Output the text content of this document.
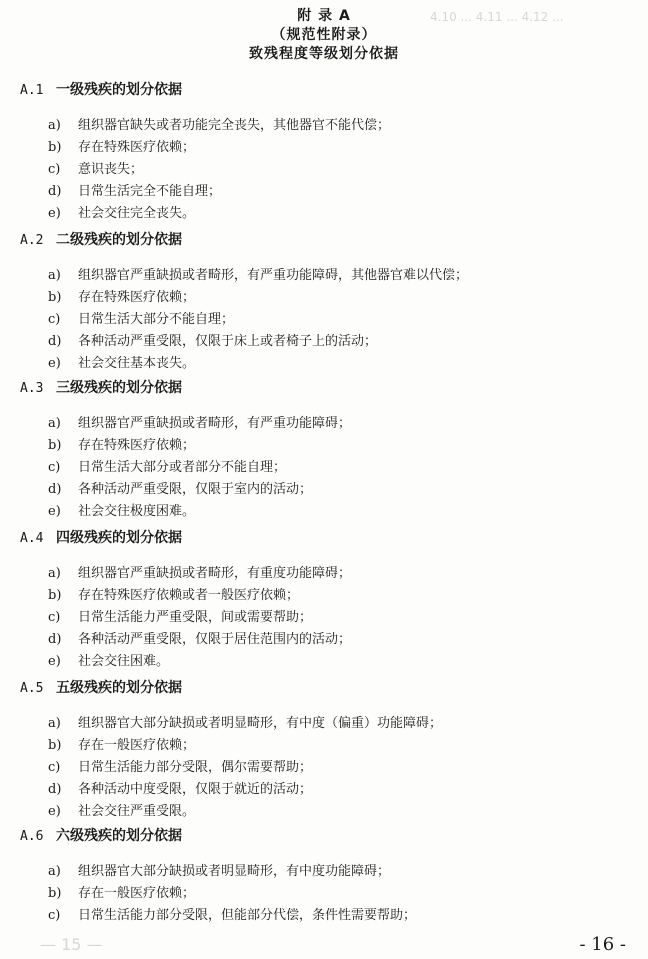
4.10 ... 4.11 ... 4.12 ...
— 15 —
附 录 A
（规范性附录）
致残程度等级划分依据
A.1 一级残疾的划分依据
a) 组织器官缺失或者功能完全丧失，其他器官不能代偿；
b) 存在特殊医疗依赖；
c) 意识丧失；
d) 日常生活完全不能自理；
e) 社会交往完全丧失。
A.2 二级残疾的划分依据
a) 组织器官严重缺损或者畸形，有严重功能障碍，其他器官难以代偿；
b) 存在特殊医疗依赖；
c) 日常生活大部分不能自理；
d) 各种活动严重受限，仅限于床上或者椅子上的活动；
e) 社会交往基本丧失。
A.3 三级残疾的划分依据
a) 组织器官严重缺损或者畸形，有严重功能障碍；
b) 存在特殊医疗依赖；
c) 日常生活大部分或者部分不能自理；
d) 各种活动严重受限，仅限于室内的活动；
e) 社会交往极度困难。
A.4 四级残疾的划分依据
a) 组织器官严重缺损或者畸形，有重度功能障碍；
b) 存在特殊医疗依赖或者一般医疗依赖；
c) 日常生活能力严重受限，间或需要帮助；
d) 各种活动严重受限，仅限于居住范围内的活动；
e) 社会交往困难。
A.5 五级残疾的划分依据
a) 组织器官大部分缺损或者明显畸形，有中度（偏重）功能障碍；
b) 存在一般医疗依赖；
c) 日常生活能力部分受限，偶尔需要帮助；
d) 各种活动中度受限，仅限于就近的活动；
e) 社会交往严重受限。
A.6 六级残疾的划分依据
a) 组织器官大部分缺损或者明显畸形，有中度功能障碍；
b) 存在一般医疗依赖；
c) 日常生活能力部分受限，但能部分代偿，条件性需要帮助；
- 16 -
